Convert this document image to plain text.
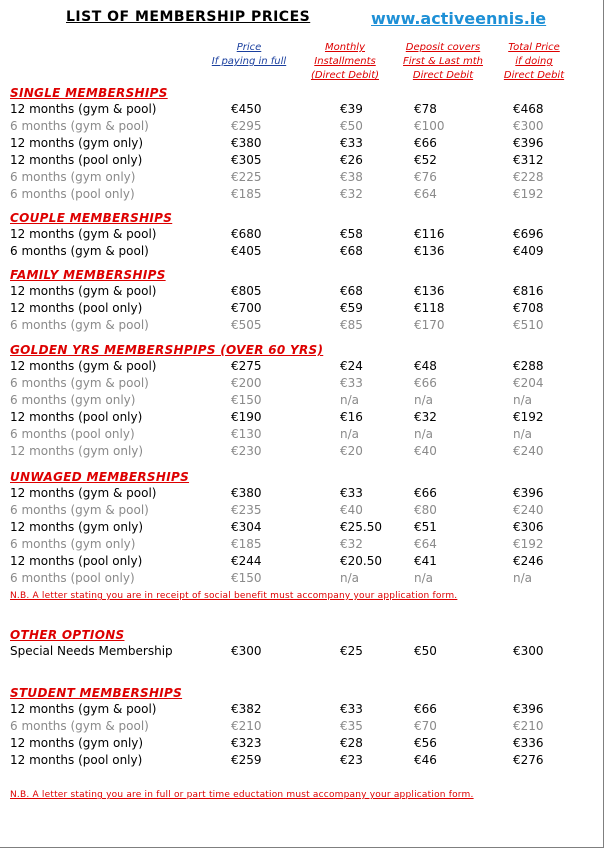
LIST OF MEMBERSHIP PRICES	www.activeennis.ie
Price
If paying in full
Monthly
Installments
(Direct Debit)
Deposit covers
First & Last mth
Direct Debit
Total Price
if doing
Direct Debit
SINGLE MEMBERSHIPS
12 months (gym & pool)	€450	€39	€78	€468
6 months (gym & pool)	€295	€50	€100	€300
12 months (gym only)	€380	€33	€66	€396
12 months (pool only)	€305	€26	€52	€312
6 months (gym only)	€225	€38	€76	€228
6 months (pool only)	€185	€32	€64	€192
COUPLE MEMBERSHIPS
12 months (gym & pool)	€680	€58	€116	€696
6 months (gym & pool)	€405	€68	€136	€409
FAMILY MEMBERSHIPS
12 months (gym & pool)	€805	€68	€136	€816
12 months (pool only)	€700	€59	€118	€708
6 months (gym & pool)	€505	€85	€170	€510
GOLDEN YRS MEMBERSHPIPS (OVER 60 YRS)
12 months (gym & pool)	€275	€24	€48	€288
6 months (gym & pool)	€200	€33	€66	€204
6 months (gym only)	€150	n/a	n/a	n/a
12 months (pool only)	€190	€16	€32	€192
6 months (pool only)	€130	n/a	n/a	n/a
12 months (gym only)	€230	€20	€40	€240
UNWAGED MEMBERSHIPS
12 months (gym & pool)	€380	€33	€66	€396
6 months (gym & pool)	€235	€40	€80	€240
12 months (gym only)	€304	€25.50	€51	€306
6 months (gym only)	€185	€32	€64	€192
12 months (pool only)	€244	€20.50	€41	€246
6 months (pool only)	€150	n/a	n/a	n/a
OTHER OPTIONS
Special Needs Membership	€300	€25	€50	€300
STUDENT MEMBERSHIPS
12 months (gym & pool)	€382	€33	€66	€396
6 months (gym & pool)	€210	€35	€70	€210
12 months (gym only)	€323	€28	€56	€336
12 months (pool only)	€259	€23	€46	€276
N.B. A letter stating you are in receipt of social benefit must accompany your application form.
N.B. A letter stating you are in full or part time eductation must accompany your application form.
